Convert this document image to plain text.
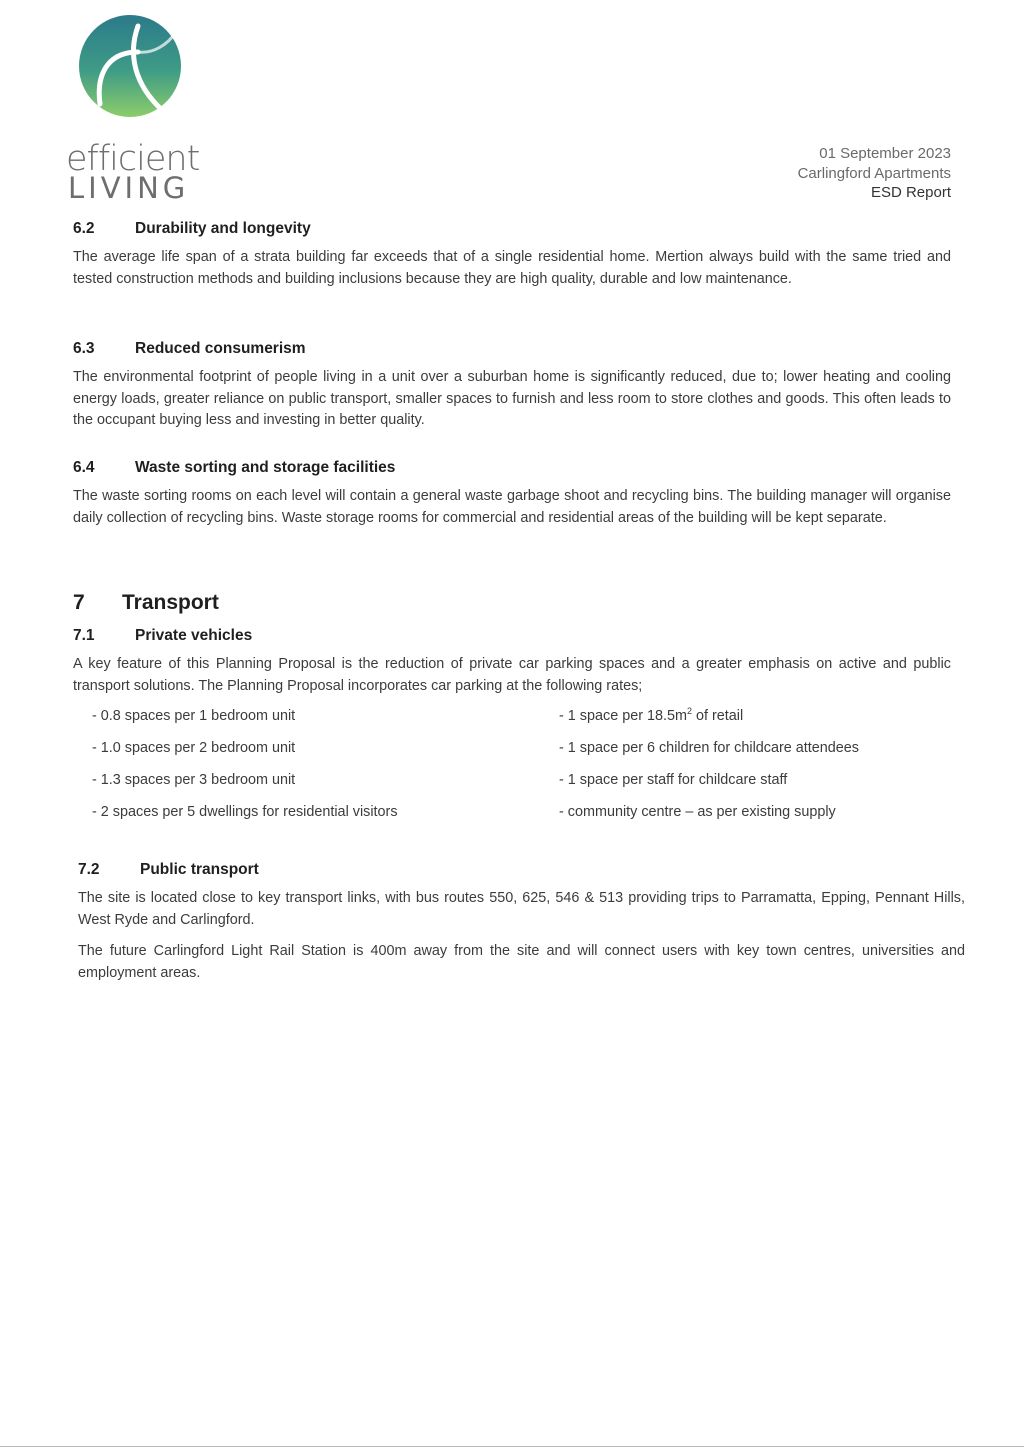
efficient
LIVING
01 September 2023
Carlingford Apartments
ESD Report
6.2	Durability and longevity

The average life span of a strata building far exceeds that of a single residential home. Mertion always build with the same tried and tested construction methods and building inclusions because they are high quality, durable and low maintenance.

6.3	Reduced consumerism

The environmental footprint of people living in a unit over a suburban home is significantly reduced, due to; lower heating and cooling energy loads, greater reliance on public transport, smaller spaces to furnish and less room to store clothes and goods. This often leads to the occupant buying less and investing in better quality.

6.4	Waste sorting and storage facilities

The waste sorting rooms on each level will contain a general waste garbage shoot and recycling bins. The building manager will organise daily collection of recycling bins. Waste storage rooms for commercial and residential areas of the building will be kept separate.

7 Transport
7.1	Private vehicles

A key feature of this Planning Proposal is the reduction of private car parking spaces and a greater emphasis on active and public transport solutions. The Planning Proposal incorporates car parking at the following rates;

- 0.8 spaces per 1 bedroom unit
- 1.0 spaces per 2 bedroom unit
- 1.3 spaces per 3 bedroom unit
- 2 spaces per 5 dwellings for residential visitors
- 1 space per $18.5m^2$ of retail
- 1 space per 6 children for childcare attendees
- 1 space per staff for childcare staff
- community centre – as per existing supply
7.2	Public transport

The site is located close to key transport links, with bus routes 550, 625, 546 & 513 providing trips to Parramatta, Epping, Pennant Hills, West Ryde and Carlingford.

The future Carlingford Light Rail Station is 400m away from the site and will connect users with key town centres, universities and employment areas.
